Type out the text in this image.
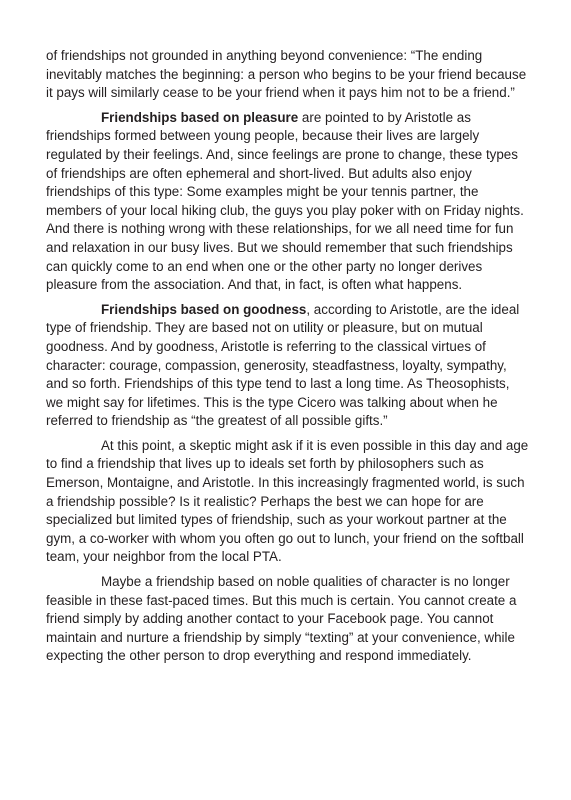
of friendships not grounded in anything beyond convenience: “The ending inevitably matches the beginning: a person who begins to be your friend because it pays will similarly cease to be your friend when it pays him not to be a friend.”

Friendships based on pleasure are pointed to by Aristotle as friendships formed between young people, because their lives are largely regulated by their feelings. And, since feelings are prone to change, these types of friendships are often ephemeral and short-lived. But adults also enjoy friendships of this type: Some examples might be your tennis partner, the members of your local hiking club, the guys you play poker with on Friday nights. And there is nothing wrong with these relationships, for we all need time for fun and relaxation in our busy lives. But we should remember that such friendships can quickly come to an end when one or the other party no longer derives pleasure from the association. And that, in fact, is often what happens.

Friendships based on goodness, according to Aristotle, are the ideal type of friendship. They are based not on utility or pleasure, but on mutual goodness. And by goodness, Aristotle is referring to the classical virtues of character: courage, compassion, generosity, steadfastness, loyalty, sympathy, and so forth. Friendships of this type tend to last a long time. As Theosophists, we might say for lifetimes. This is the type Cicero was talking about when he referred to friendship as “the greatest of all possible gifts.”

At this point, a skeptic might ask if it is even possible in this day and age to find a friendship that lives up to ideals set forth by philosophers such as Emerson, Montaigne, and Aristotle. In this increasingly fragmented world, is such a friendship possible? Is it realistic? Perhaps the best we can hope for are specialized but limited types of friendship, such as your workout partner at the gym, a co-worker with whom you often go out to lunch, your friend on the softball team, your neighbor from the local PTA.

Maybe a friendship based on noble qualities of character is no longer feasible in these fast-paced times. But this much is certain. You cannot create a friend simply by adding another contact to your Facebook page. You cannot maintain and nurture a friendship by simply “texting” at your convenience, while expecting the other person to drop everything and respond immediately.
